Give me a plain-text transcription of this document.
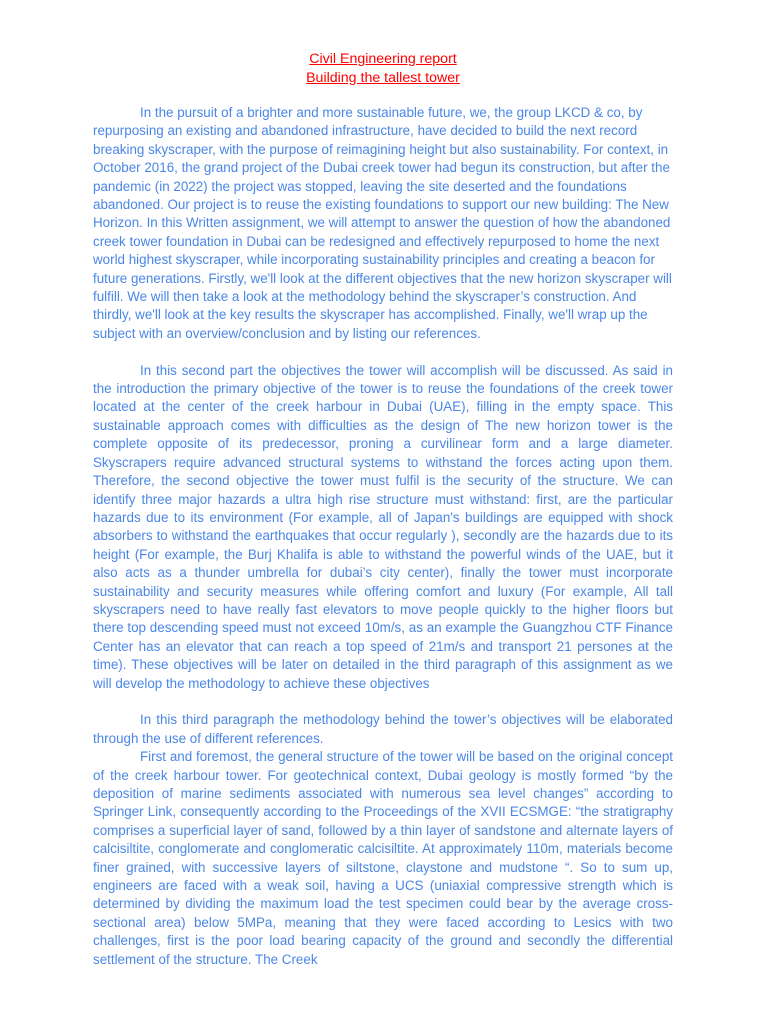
Civil Engineering report
Building the tallest tower

In the pursuit of a brighter and more sustainable future, we, the group LKCD & co, by repurposing an existing and abandoned infrastructure, have decided to build the next record breaking skyscraper, with the purpose of reimagining height but also sustainability. For context, in October 2016, the grand project of the Dubai creek tower had begun its construction, but after the pandemic (in 2022) the project was stopped, leaving the site deserted and the foundations abandoned. Our project is to reuse the existing foundations to support our new building: The New Horizon. In this Written assignment, we will attempt to answer the question of how the abandoned creek tower foundation in Dubai can be redesigned and effectively repurposed to home the next world highest skyscraper, while incorporating sustainability principles and creating a beacon for future generations. Firstly, we'll look at the different objectives that the new horizon skyscraper will fulfill. We will then take a look at the methodology behind the skyscraper’s construction. And thirdly, we'll look at the key results the skyscraper has accomplished. Finally, we'll wrap up the subject with an overview/conclusion and by listing our references.

In this second part the objectives the tower will accomplish will be discussed. As said in the introduction the primary objective of the tower is to reuse the foundations of the creek tower located at the center of the creek harbour in Dubai (UAE), filling in the empty space. This sustainable approach comes with difficulties as the design of The new horizon tower is the complete opposite of its predecessor, proning a curvilinear form and a large diameter. Skyscrapers require advanced structural systems to withstand the forces acting upon them. Therefore, the second objective the tower must fulfil is the security of the structure. We can identify three major hazards a ultra high rise structure must withstand: first, are the particular hazards due to its environment (For example, all of Japan's buildings are equipped with shock absorbers to withstand the earthquakes that occur regularly ), secondly are the hazards due to its height (For example, the Burj Khalifa is able to withstand the powerful winds of the UAE, but it also acts as a thunder umbrella for dubai’s city center), finally the tower must incorporate sustainability and security measures while offering comfort and luxury (For example, All tall skyscrapers need to have really fast elevators to move people quickly to the higher floors but there top descending speed must not exceed 10m/s, as an example the Guangzhou CTF Finance Center has an elevator that can reach a top speed of 21m/s and transport 21 persones at the time). These objectives will be later on detailed in the third paragraph of this assignment as we will develop the methodology to achieve these objectives

In this third paragraph the methodology behind the tower’s objectives will be elaborated through the use of different references.

First and foremost, the general structure of the tower will be based on the original concept of the creek harbour tower. For geotechnical context, Dubai geology is mostly formed “by the deposition of marine sediments associated with numerous sea level changes” according to Springer Link, consequently according to the Proceedings of the XVII ECSMGE: “the stratigraphy comprises a superficial layer of sand, followed by a thin layer of sandstone and alternate layers of calcisiltite, conglomerate and conglomeratic calcisiltite. At approximately 110m, materials become finer grained, with successive layers of siltstone, claystone and mudstone “. So to sum up, engineers are faced with a weak soil, having a UCS (uniaxial compressive strength which is determined by dividing the maximum load the test specimen could bear by the average cross-sectional area) below 5MPa, meaning that they were faced according to Lesics with two challenges, first is the poor load bearing capacity of the ground and secondly the differential settlement of the structure. The Creek
